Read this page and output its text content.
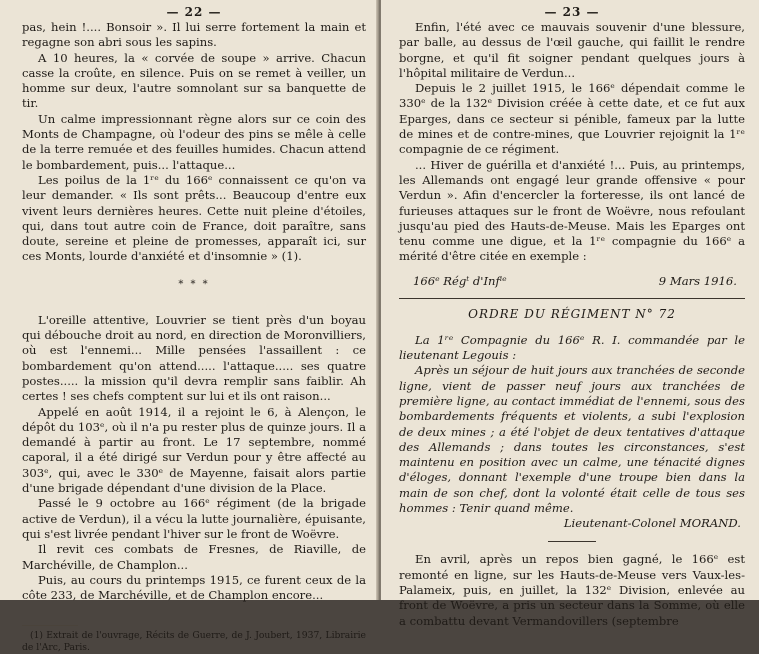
— 22 —

pas, hein !.... Bonsoir ». Il lui serre fortement la main et regagne son abri sous les sapins.

A 10 heures, la « corvée de soupe » arrive. Chacun casse la croûte, en silence. Puis on se remet à veiller, un homme sur deux, l'autre somnolant sur sa banquette de tir.

Un calme impressionnant règne alors sur ce coin des Monts de Champagne, où l'odeur des pins se mêle à celle de la terre remuée et des feuilles humides. Chacun attend le bombardement, puis... l'attaque...

Les poilus de la 1ʳᵉ du 166ᵉ connaissent ce qu'on va leur demander. « Ils sont prêts... Beaucoup d'entre eux vivent leurs dernières heures. Cette nuit pleine d'étoiles, qui, dans tout autre coin de France, doit paraître, sans doute, sereine et pleine de promesses, apparaît ici, sur ces Monts, lourde d'anxiété et d'insomnie » (1).

* * *

L'oreille attentive, Louvrier se tient près d'un boyau qui débouche droit au nord, en direction de Moronvilliers, où est l'ennemi... Mille pensées l'assaillent : ce bombardement qu'on attend..... l'attaque..... ses quatre postes..... la mission qu'il devra remplir sans faiblir. Ah certes ! ses chefs comptent sur lui et ils ont raison...

Appelé en août 1914, il a rejoint le 6, à Alençon, le dépôt du 103ᵉ, où il n'a pu rester plus de quinze jours. Il a demandé à partir au front. Le 17 septembre, nommé caporal, il a été dirigé sur Verdun pour y être affecté au 303ᵉ, qui, avec le 330ᵉ de Mayenne, faisait alors partie d'une brigade dépendant d'une division de la Place.

Passé le 9 octobre au 166ᵉ régiment (de la brigade active de Verdun), il a vécu la lutte journalière, épuisante, qui s'est livrée pendant l'hiver sur le front de Woëvre.

Il revit ces combats de Fresnes, de Riaville, de Marchéville, de Champlon...

Puis, au cours du printemps 1915, ce furent ceux de la côte 233, de Marchéville, et de Champlon encore...

(1) Extrait de l'ouvrage, Récits de Guerre, de J. Joubert, 1937, Librairie de l'Arc, Paris.

— 23 —

Enfin, l'été avec ce mauvais souvenir d'une blessure, par balle, au dessus de l'œil gauche, qui faillit le rendre borgne, et qu'il fit soigner pendant quelques jours à l'hôpital militaire de Verdun...

Depuis le 2 juillet 1915, le 166ᵉ dépendait comme le 330ᵉ de la 132ᵉ Division créée à cette date, et ce fut aux Eparges, dans ce secteur si pénible, fameux par la lutte de mines et de contre-mines, que Louvrier rejoignit la 1ʳᵉ compagnie de ce régiment.

... Hiver de guérilla et d'anxiété !... Puis, au printemps, les Allemands ont engagé leur grande offensive « pour Verdun ». Afin d'encercler la forteresse, ils ont lancé de furieuses attaques sur le front de Woëvre, nous refoulant jusqu'au pied des Hauts-de-Meuse. Mais les Eparges ont tenu comme une digue, et la 1ʳᵉ compagnie du 166ᵉ a mérité d'être citée en exemple :

166ᵉ Régᵗ d'Infⁱᵉ	9 Mars 1916.
ORDRE DU RÉGIMENT N° 72

La 1ʳᵉ Compagnie du 166ᵉ R. I. commandée par le lieutenant Legouis :

Après un séjour de huit jours aux tranchées de seconde ligne, vient de passer neuf jours aux tranchées de première ligne, au contact immédiat de l'ennemi, sous des bombardements fréquents et violents, a subi l'explosion de deux mines ; a été l'objet de deux tentatives d'attaque des Allemands ; dans toutes les circonstances, s'est maintenu en position avec un calme, une ténacité dignes d'éloges, donnant l'exemple d'une troupe bien dans la main de son chef, dont la volonté était celle de tous ses hommes : Tenir quand même.

Lieutenant-Colonel MORAND.

En avril, après un repos bien gagné, le 166ᵉ est remonté en ligne, sur les Hauts-de-Meuse vers Vaux-les-Palameix, puis, en juillet, la 132ᵉ Division, enlevée au front de Woëvre, a pris un secteur dans la Somme, où elle a combattu devant Vermandovillers (septembre
